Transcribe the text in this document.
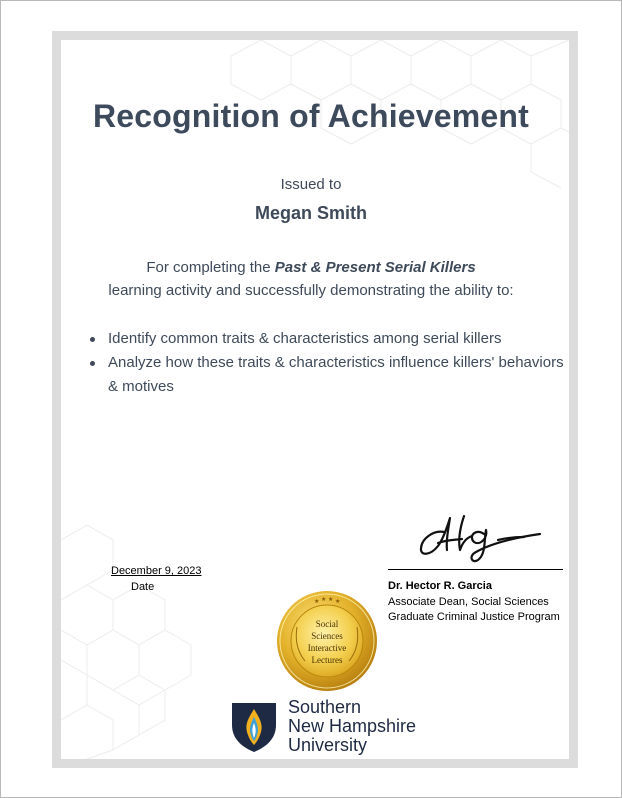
Recognition of Achievement
Issued to
Megan Smith
For completing the Past & Present Serial Killers
learning activity and successfully demonstrating the ability to:
Identify common traits & characteristics among serial killers
Analyze how these traits & characteristics influence killers' behaviors & motives
December 9, 2023
Date	Dr. Hector R. Garcia
Associate Dean, Social Sciences
Graduate Criminal Justice Program
★ ★ ★ ★
Social
Sciences
Interactive
Lectures
Southern
New Hampshire
University
